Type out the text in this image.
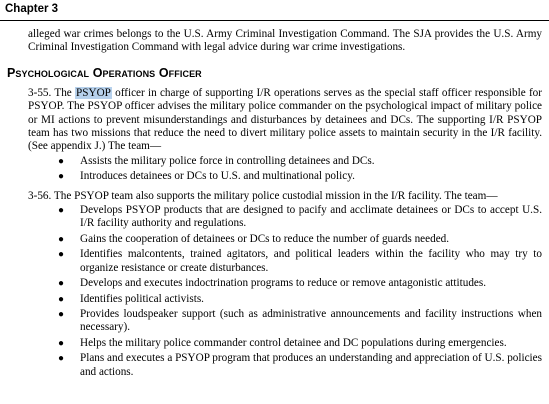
Chapter 3

alleged war crimes belongs to the U.S. Army Criminal Investigation Command. The SJA provides the U.S. Army Criminal Investigation Command with legal advice during war crime investigations.

Psychological Operations Officer

3-55. The PSYOP officer in charge of supporting I/R operations serves as the special staff officer responsible for PSYOP. The PSYOP officer advises the military police commander on the psychological impact of military police or MI actions to prevent misunderstandings and disturbances by detainees and DCs. The supporting I/R PSYOP team has two missions that reduce the need to divert military police assets to maintain security in the I/R facility. (See appendix J.) The team—

● Assists the military police force in controlling detainees and DCs.
● Introduces detainees or DCs to U.S. and multinational policy.

3-56. The PSYOP team also supports the military police custodial mission in the I/R facility. The team—

● Develops PSYOP products that are designed to pacify and acclimate detainees or DCs to accept U.S. I/R facility authority and regulations.
● Gains the cooperation of detainees or DCs to reduce the number of guards needed.
● Identifies malcontents, trained agitators, and political leaders within the facility who may try to organize resistance or create disturbances.
● Develops and executes indoctrination programs to reduce or remove antagonistic attitudes.
● Identifies political activists.
● Provides loudspeaker support (such as administrative announcements and facility instructions when necessary).
● Helps the military police commander control detainee and DC populations during emergencies.
● Plans and executes a PSYOP program that produces an understanding and appreciation of U.S. policies and actions.
